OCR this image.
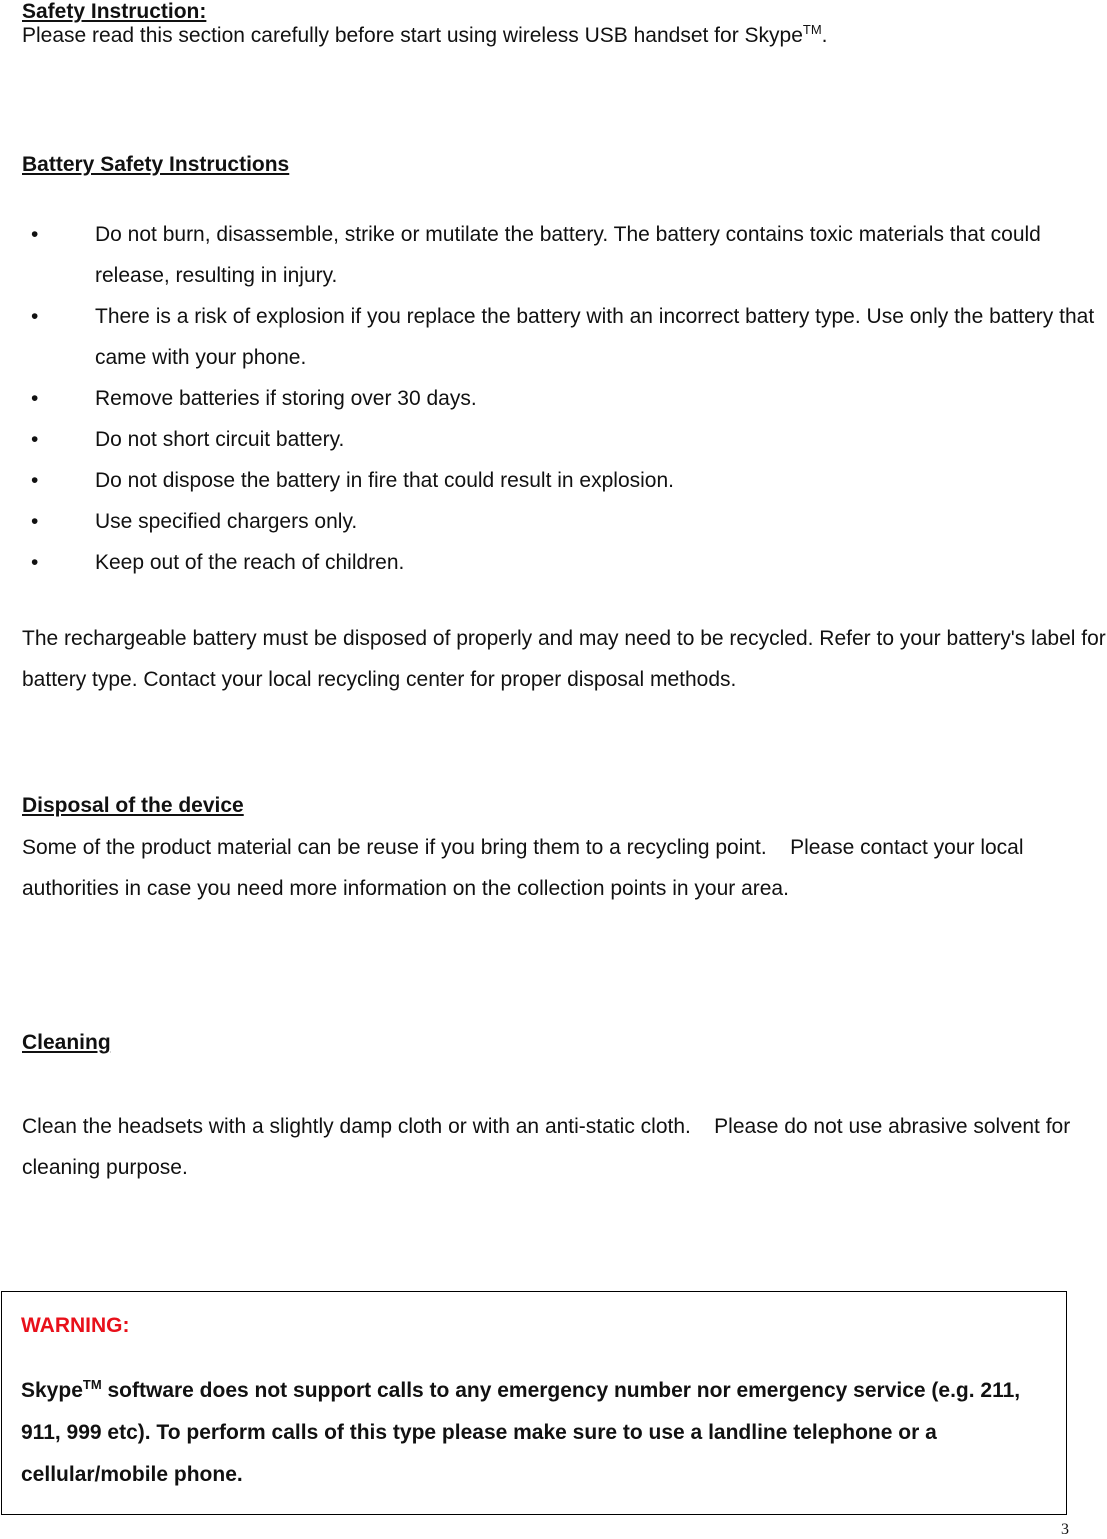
Safety Instruction:
Please read this section carefully before start using wireless USB handset for Skype™.
Battery Safety Instructions
•	Do not burn, disassemble, strike or mutilate the battery. The battery contains toxic materials that could release, resulting in injury.
•	There is a risk of explosion if you replace the battery with an incorrect battery type. Use only the battery that came with your phone.
•	Remove batteries if storing over 30 days.
•	Do not short circuit battery.
•	Do not dispose the battery in fire that could result in explosion.
•	Use specified chargers only.
•	Keep out of the reach of children.
The rechargeable battery must be disposed of properly and may need to be recycled. Refer to your battery's label for battery type. Contact your local recycling center for proper disposal methods.
Disposal of the device
Some of the product material can be reuse if you bring them to a recycling point.    Please contact your local authorities in case you need more information on the collection points in your area.
Cleaning
Clean the headsets with a slightly damp cloth or with an anti-static cloth.    Please do not use abrasive solvent for cleaning purpose.
WARNING:
Skype™ software does not support calls to any emergency number nor emergency service (e.g. 211, 911, 999 etc). To perform calls of this type please make sure to use a landline telephone or a cellular/mobile phone.
3
